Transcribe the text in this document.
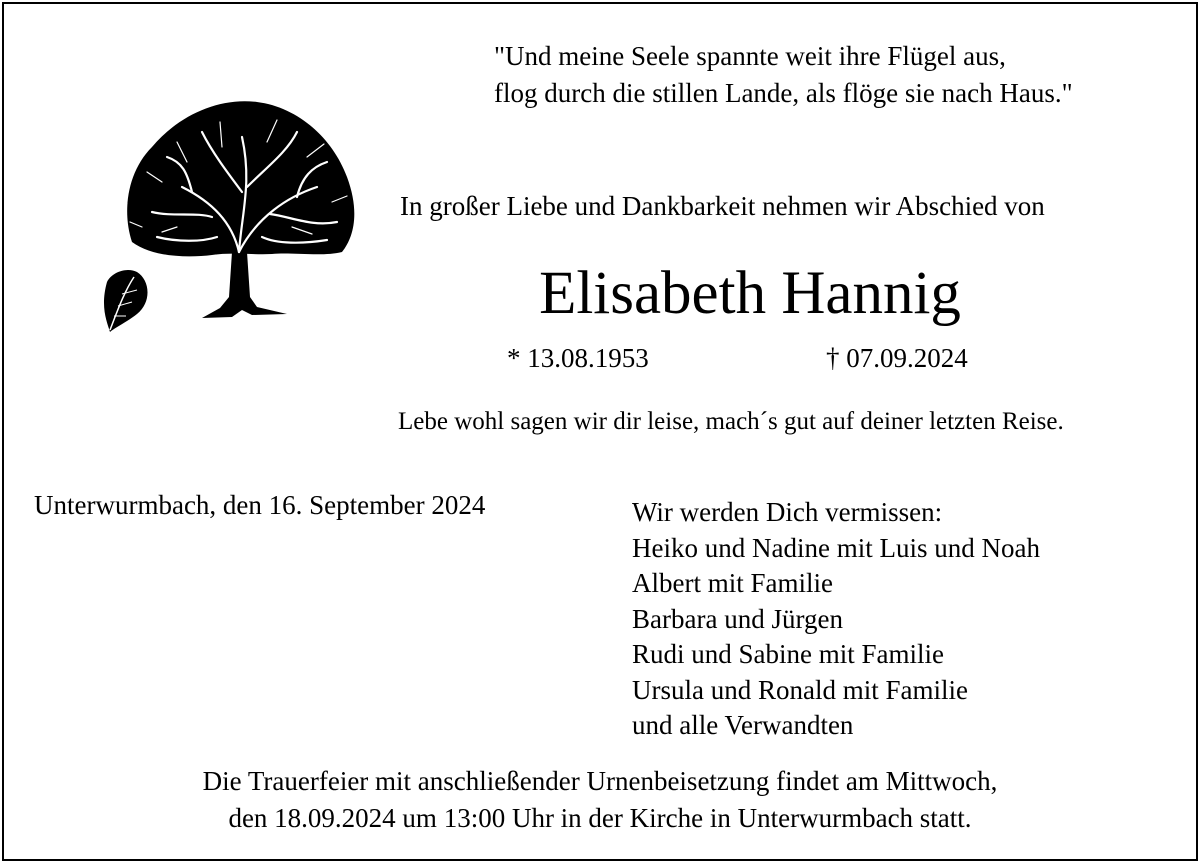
"Und meine Seele spannte weit ihre Flügel aus,
flog durch die stillen Lande, als flöge sie nach Haus."
In großer Liebe und Dankbarkeit nehmen wir Abschied von
Elisabeth Hannig
* 13.08.1953	† 07.09.2024
Lebe wohl sagen wir dir leise, mach´s gut auf deiner letzten Reise.
Unterwurmbach, den 16. September 2024	Wir werden Dich vermissen:
Heiko und Nadine mit Luis und Noah
Albert mit Familie
Barbara und Jürgen
Rudi und Sabine mit Familie
Ursula und Ronald mit Familie
und alle Verwandten
Die Trauerfeier mit anschließender Urnenbeisetzung findet am Mittwoch,
den 18.09.2024 um 13:00 Uhr in der Kirche in Unterwurmbach statt.
